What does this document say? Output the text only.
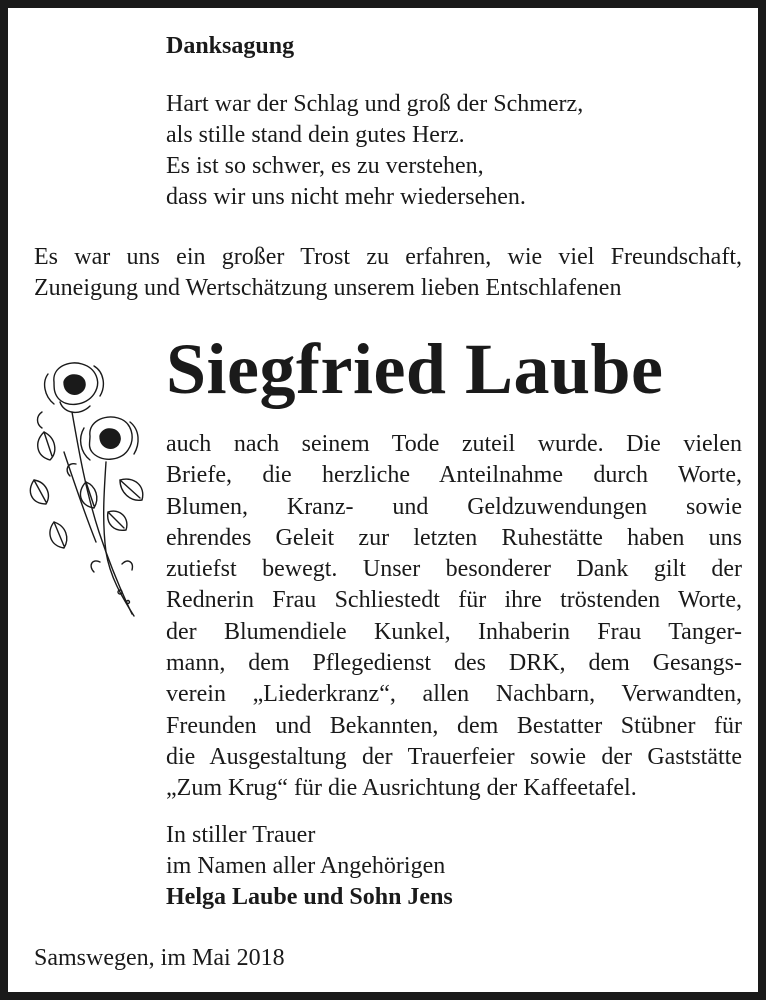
Danksagung
Hart war der Schlag und groß der Schmerz,
als stille stand dein gutes Herz.
Es ist so schwer, es zu verstehen,
dass wir uns nicht mehr wiedersehen.
Es war uns ein großer Trost zu erfahren, wie viel Freundschaft,
Zuneigung und Wertschätzung unserem lieben Entschlafenen
Siegfried Laube
auch nach seinem Tode zuteil wurde. Die vielen
Briefe, die herzliche Anteilnahme durch Worte,
Blumen, Kranz- und Geldzuwendungen sowie
ehrendes Geleit zur letzten Ruhestätte haben uns
zutiefst bewegt. Unser besonderer Dank gilt der
Rednerin Frau Schliestedt für ihre tröstenden Worte,
der Blumendiele Kunkel, Inhaberin Frau Tanger-
mann, dem Pflegedienst des DRK, dem Gesangs-
verein „Liederkranz“, allen Nachbarn, Verwandten,
Freunden und Bekannten, dem Bestatter Stübner für
die Ausgestaltung der Trauerfeier sowie der Gaststätte
„Zum Krug“ für die Ausrichtung der Kaffeetafel.
In stiller Trauer
im Namen aller Angehörigen
Helga Laube und Sohn Jens
Samswegen, im Mai 2018
